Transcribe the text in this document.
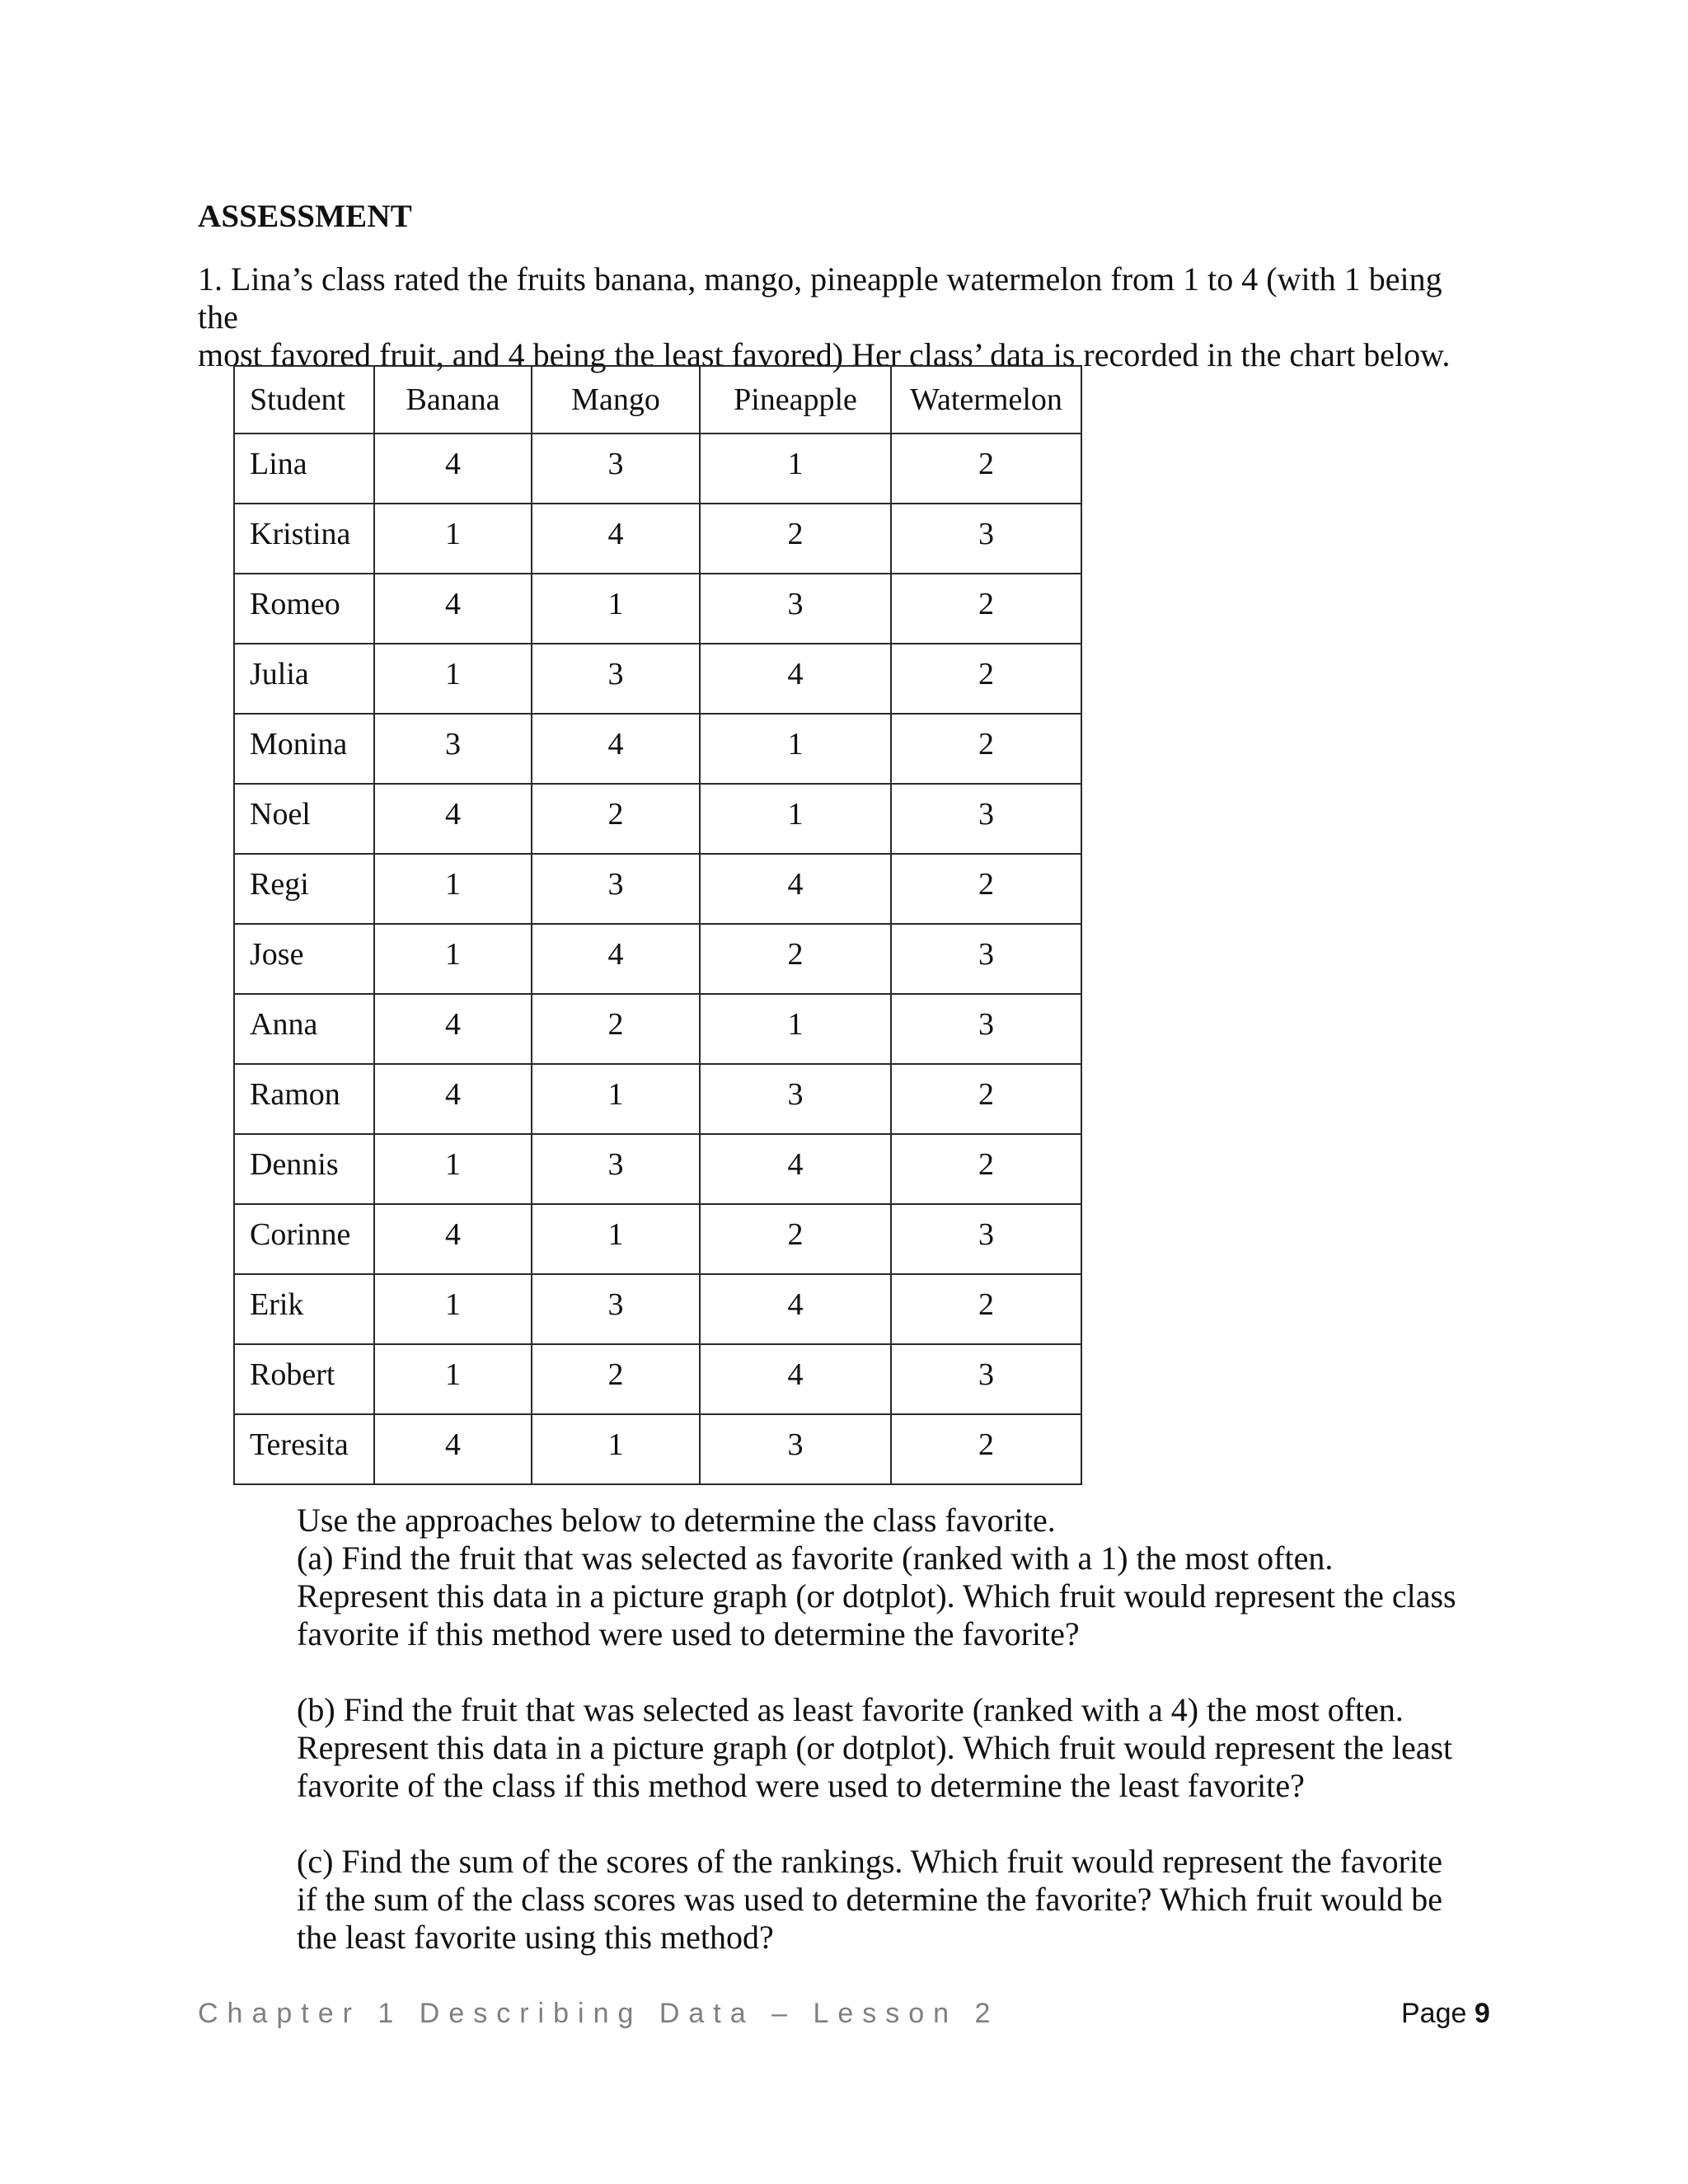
ASSESSMENT

1. Lina’s class rated the fruits banana, mango, pineapple watermelon from 1 to 4 (with 1 being the

most favored fruit, and 4 being the least favored) Her class’ data is recorded in the chart below.

Student	Banana	Mango	Pineapple	Watermelon
Lina	4	3	1	2
Kristina	1	4	2	3
Romeo	4	1	3	2
Julia	1	3	4	2
Monina	3	4	1	2
Noel	4	2	1	3
Regi	1	3	4	2
Jose	1	4	2	3
Anna	4	2	1	3
Ramon	4	1	3	2
Dennis	1	3	4	2
Corinne	4	1	2	3
Erik	1	3	4	2
Robert	1	2	4	3
Teresita	4	1	3	2

Use the approaches below to determine the class favorite.

(a) Find the fruit that was selected as favorite (ranked with a 1) the most often.

Represent this data in a picture graph (or dotplot). Which fruit would represent the class

favorite if this method were used to determine the favorite?

(b) Find the fruit that was selected as least favorite (ranked with a 4) the most often.

Represent this data in a picture graph (or dotplot). Which fruit would represent the least

favorite of the class if this method were used to determine the least favorite?

(c) Find the sum of the scores of the rankings. Which fruit would represent the favorite

if the sum of the class scores was used to determine the favorite? Which fruit would be

the least favorite using this method?

Chapter 1 Describing Data – Lesson 2	Page 9
